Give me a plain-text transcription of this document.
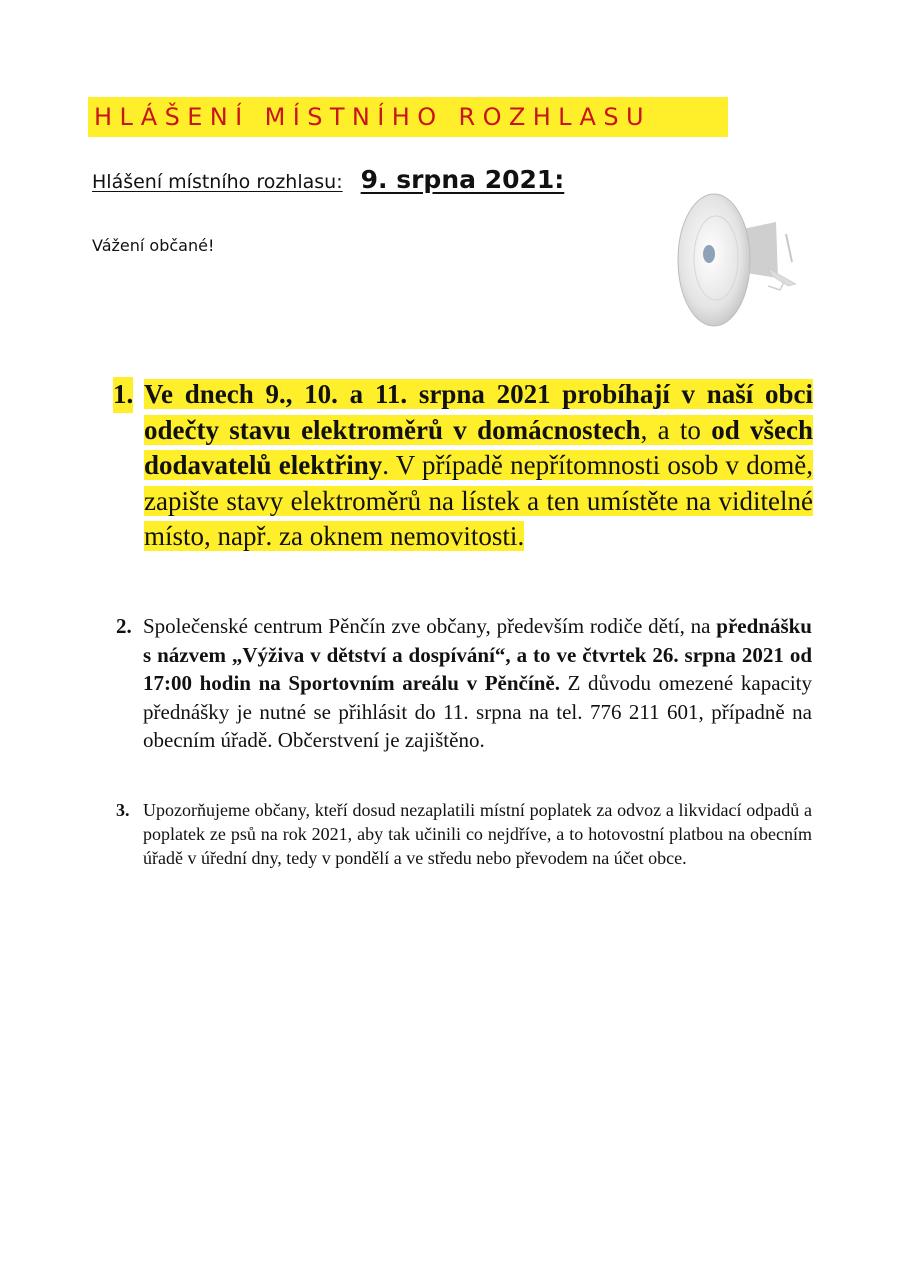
HLÁŠENÍ MÍSTNÍHO ROZHLASU
Hlášení místního rozhlasu: 9. srpna 2021:
Vážení občané!
1. Ve dnech 9., 10. a 11. srpna 2021 probíhají v naší obci odečty stavu elektroměrů v domácnostech, a to od všech dodavatelů elektřiny. V případě nepřítomnosti osob v domě, zapište stavy elektroměrů na lístek a ten umístěte na viditelné místo, např. za oknem nemovitosti.
2. Společenské centrum Pěnčín zve občany, především rodiče dětí, na přednášku s názvem „Výživa v dětství a dospívání“, a to ve čtvrtek 26. srpna 2021 od 17:00 hodin na Sportovním areálu v Pěnčíně. Z důvodu omezené kapacity přednášky je nutné se přihlásit do 11. srpna na tel. 776 211 601, případně na obecním úřadě. Občerstvení je zajištěno.
3. Upozorňujeme občany, kteří dosud nezaplatili místní poplatek za odvoz a likvidací odpadů a poplatek ze psů na rok 2021, aby tak učinili co nejdříve, a to hotovostní platbou na obecním úřadě v úřední dny, tedy v pondělí a ve středu nebo převodem na účet obce.
